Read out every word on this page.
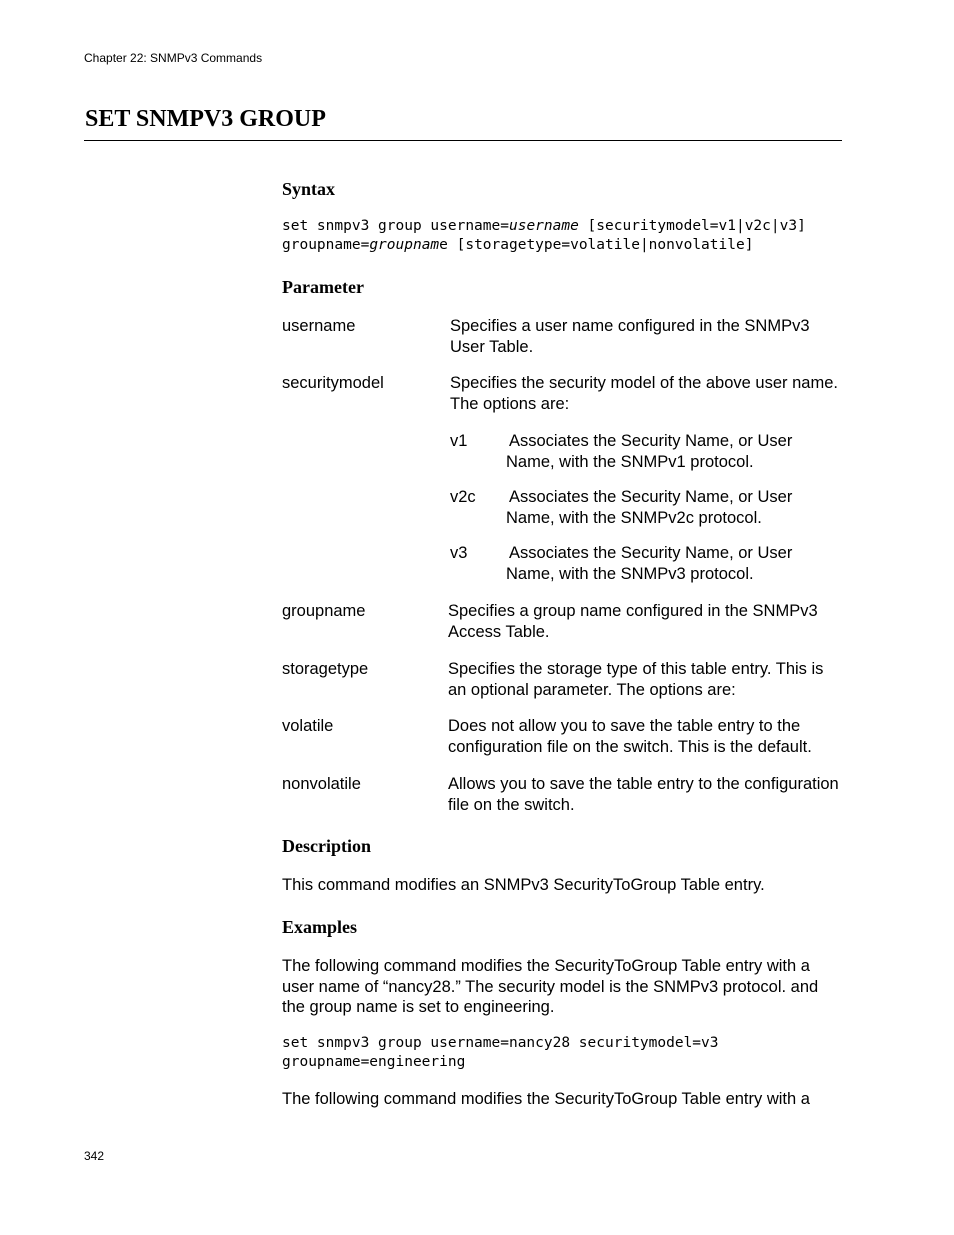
Chapter 22: SNMPv3 Commands
SET SNMPV3 GROUP
Syntax
set snmpv3 group username=username [securitymodel=v1|v2c|v3]
groupname=groupname [storagetype=volatile|nonvolatile]
Parameter
username	Specifies a user name configured in the SNMPv3 User Table.
securitymodel	Specifies the security model of the above user name. The options are:
v1	Associates the Security Name, or User Name, with the SNMPv1 protocol.
v2c Associates the Security Name, or User Name, with the SNMPv2c protocol.
v3	Associates the Security Name, or User Name, with the SNMPv3 protocol.
groupname	Specifies a group name configured in the SNMPv3 Access Table.
storagetype	Specifies the storage type of this table entry. This is an optional parameter. The options are:
volatile	Does not allow you to save the table entry to the configuration file on the switch. This is the default.
nonvolatile	Allows you to save the table entry to the configuration file on the switch.
Description
This command modifies an SNMPv3 SecurityToGroup Table entry.
Examples
The following command modifies the SecurityToGroup Table entry with a user name of “nancy28.” The security model is the SNMPv3 protocol. and the group name is set to engineering.
set snmpv3 group username=nancy28 securitymodel=v3
groupname=engineering
The following command modifies the SecurityToGroup Table entry with a
342
